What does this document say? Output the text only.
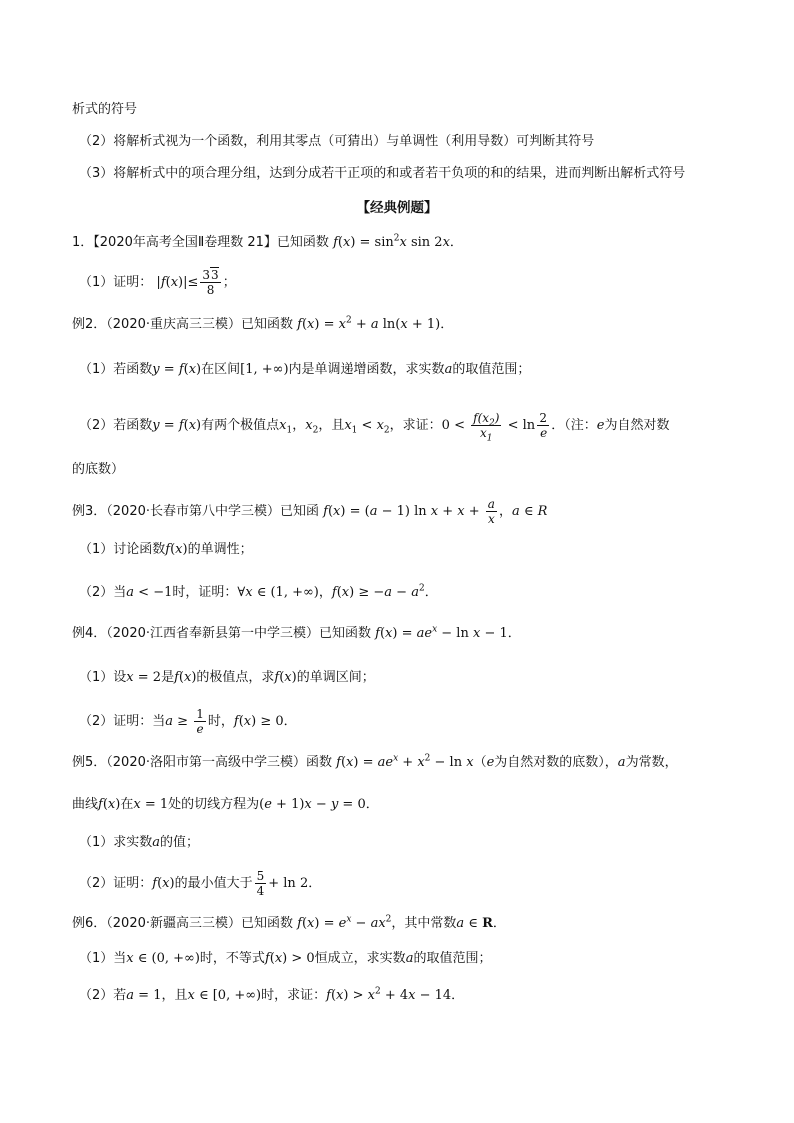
析式的符号
（2）将解析式视为一个函数，利用其零点（可猜出）与单调性（利用导数）可判断其符号
（3）将解析式中的项合理分组，达到分成若干正项的和或者若干负项的和的结果，进而判断出解析式符号
【经典例题】
1．【2020年高考全国Ⅱ卷理数 21】已知函数 $f(x) = \sin^2x$ sin 2x．
（1）证明： $|f(x)|\le \frac{33}{8}$ ；
例2．（2020·重庆高三三模）已知函数 $f(x) = x^2 + a$ ln(x + 1)．
（1）若函数y = f(x)在区间[1, +∞)内是单调递增函数，求实数a的取值范围；
（2）若函数y = f(x)有两个极值点$x_1$，$x_2$，且$x_1 < x_2$，求证：$0 < \frac{f(x_2)}{x_1} < \ln \frac{2}{e}$ ．（注：e为自然对数
的底数）
例3．（2020·长春市第八中学三模）已知函 f(x) = (a − 1) $\ln x + x + \frac{a}{x}$ ，a ∈ R
（1）讨论函数f(x)的单调性；
（2）当a < −1时，证明：∀x ∈ (1, +∞)，$f(x) \ge -a - a^2$．
例4．（2020·江西省奉新县第一中学三模）已知函数 $f(x) = ae^x - \ln x - 1$．
（1）设x = 2是f(x)的极值点，求f(x)的单调区间；
（2）证明：当$a \ge \frac{1}{e}$ 时，f(x) ≥ 0．
例5．（2020·洛阳市第一高级中学三模）函数 $f(x) = ae^x + x^2 - \ln x(e$为自然对数的底数），a为常数，
曲线f(x)在x = 1处的切线方程为(e + 1)x − y = 0．
（1）求实数a的值；
（2）证明：f(x)的最小值大于 $\frac{5}{4} + \ln 2$．
例6．（2020·新疆高三三模）已知函数 $f(x) = e^x - ax^2$，其中常数a ∈ R．
（1）当x ∈ (0, +∞)时，不等式f(x) > 0恒成立，求实数a的取值范围；
（2）若a = 1，且x ∈ [0, +∞)时，求证：$f(x) > x^2 + 4x - 14$．
